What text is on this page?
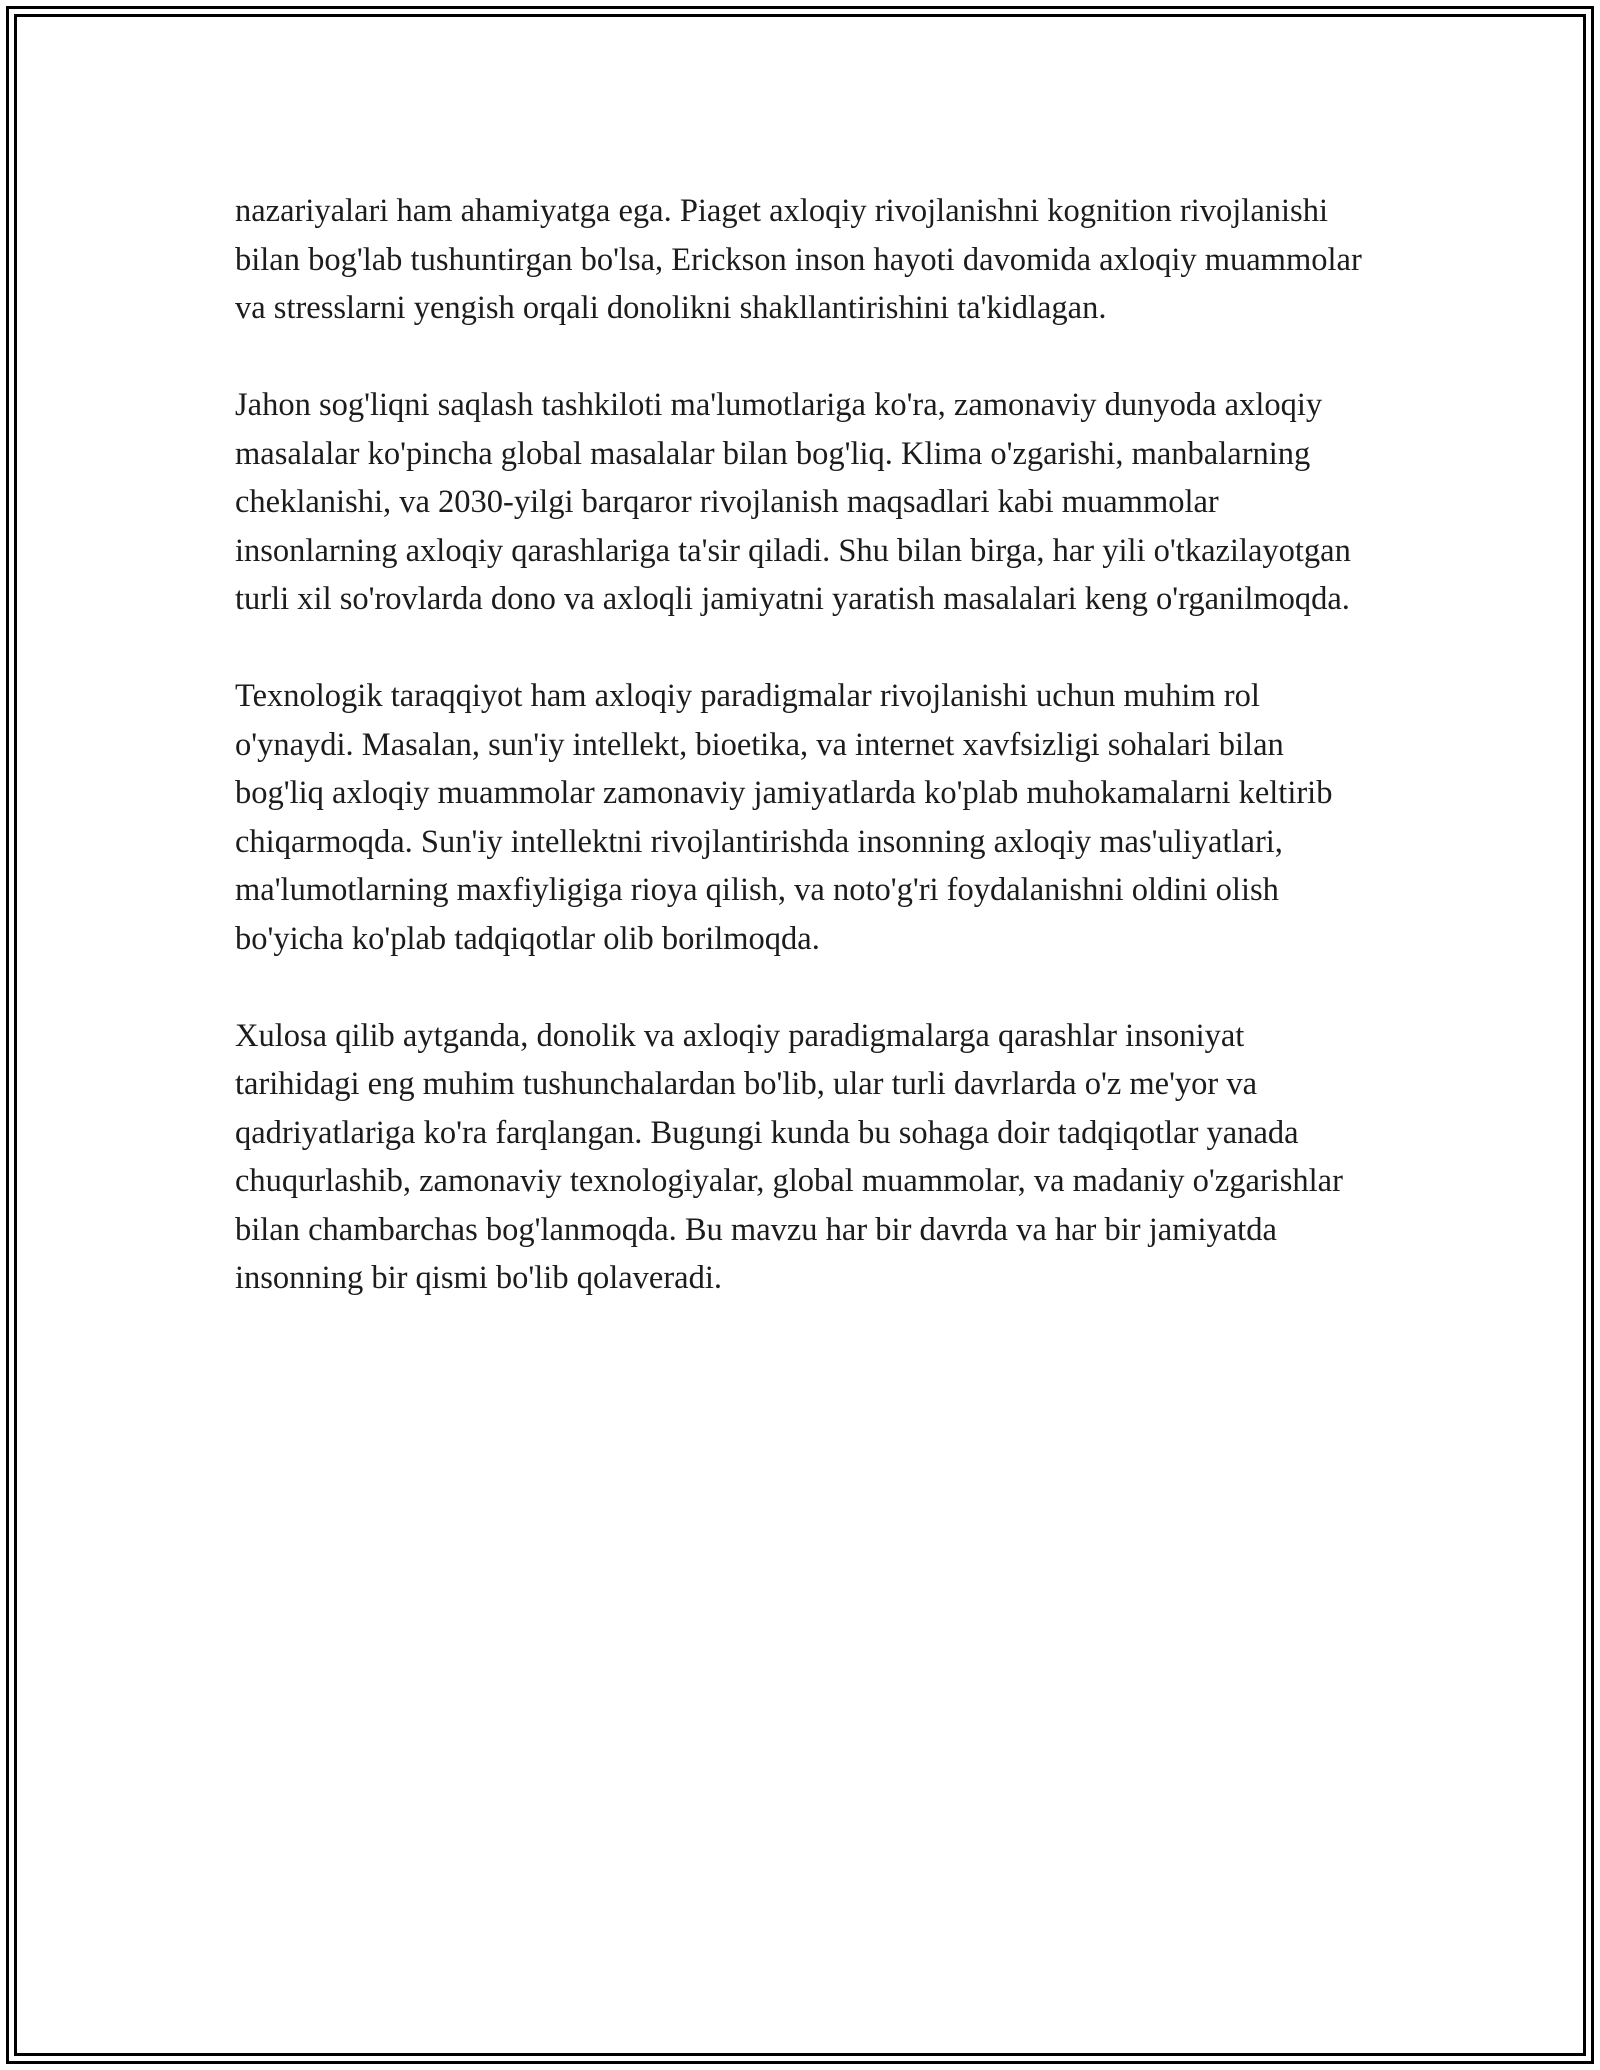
nazariyalari ham ahamiyatga ega. Piaget axloqiy rivojlanishni kognition rivojlanishi bilan bog'lab tushuntirgan bo'lsa, Erickson inson hayoti davomida axloqiy muammolar va stresslarni yengish orqali donolikni shakllantirishini ta'kidlagan.

Jahon sog'liqni saqlash tashkiloti ma'lumotlariga ko'ra, zamonaviy dunyoda axloqiy masalalar ko'pincha global masalalar bilan bog'liq. Klima o'zgarishi, manbalarning cheklanishi, va 2030-yilgi barqaror rivojlanish maqsadlari kabi muammolar insonlarning axloqiy qarashlariga ta'sir qiladi. Shu bilan birga, har yili o'tkazilayotgan turli xil so'rovlarda dono va axloqli jamiyatni yaratish masalalari keng o'rganilmoqda.

Texnologik taraqqiyot ham axloqiy paradigmalar rivojlanishi uchun muhim rol o'ynaydi. Masalan, sun'iy intellekt, bioetika, va internet xavfsizligi sohalari bilan bog'liq axloqiy muammolar zamonaviy jamiyatlarda ko'plab muhokamalarni keltirib chiqarmoqda. Sun'iy intellektni rivojlantirishda insonning axloqiy mas'uliyatlari, ma'lumotlarning maxfiyligiga rioya qilish, va noto'g'ri foydalanishni oldini olish bo'yicha ko'plab tadqiqotlar olib borilmoqda.

Xulosa qilib aytganda, donolik va axloqiy paradigmalarga qarashlar insoniyat tarihidagi eng muhim tushunchalardan bo'lib, ular turli davrlarda o'z me'yor va qadriyatlariga ko'ra farqlangan. Bugungi kunda bu sohaga doir tadqiqotlar yanada chuqurlashib, zamonaviy texnologiyalar, global muammolar, va madaniy o'zgarishlar bilan chambarchas bog'lanmoqda. Bu mavzu har bir davrda va har bir jamiyatda insonning bir qismi bo'lib qolaveradi.
